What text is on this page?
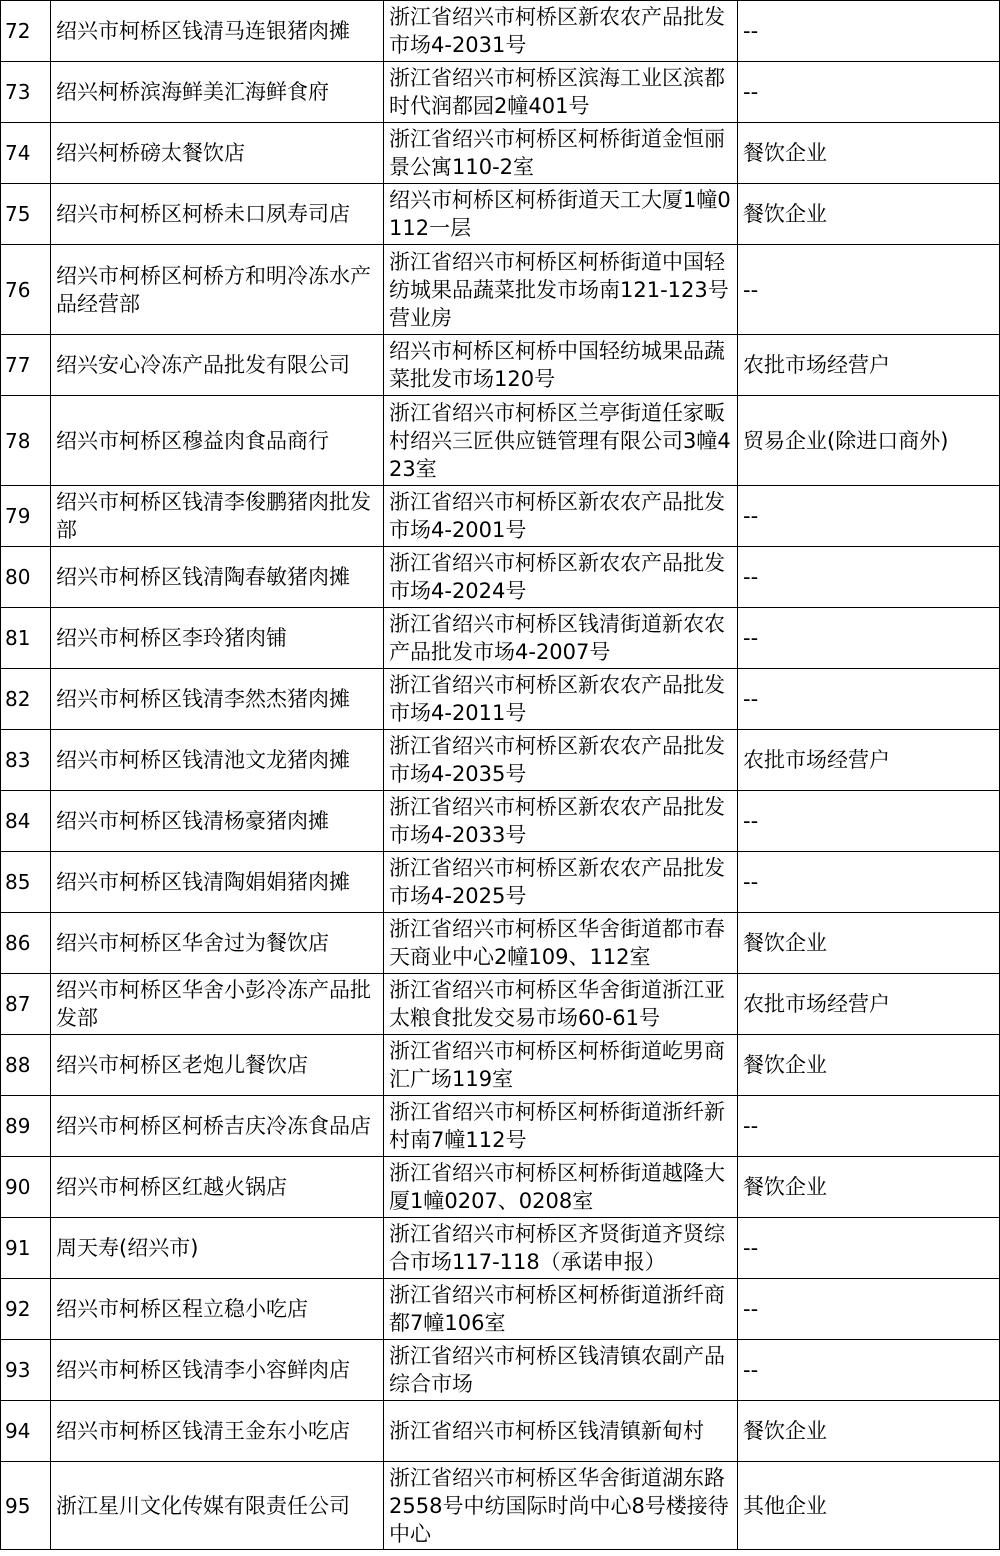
72	绍兴市柯桥区钱清马连银猪肉摊	浙江省绍兴市柯桥区新农农产品批发市场4-2031号	--
73	绍兴柯桥滨海鲜美汇海鲜食府	浙江省绍兴市柯桥区滨海工业区滨都时代润都园2幢401号	--
74	绍兴柯桥磅太餐饮店	浙江省绍兴市柯桥区柯桥街道金恒丽景公寓110-2室	餐饮企业
75	绍兴市柯桥区柯桥未口夙寿司店	绍兴市柯桥区柯桥街道天工大厦1幢0112一层	餐饮企业
76	绍兴市柯桥区柯桥方和明冷冻水产品经营部	浙江省绍兴市柯桥区柯桥街道中国轻纺城果品蔬菜批发市场南121-123号营业房	--
77	绍兴安心冷冻产品批发有限公司	绍兴市柯桥区柯桥中国轻纺城果品蔬菜批发市场120号	农批市场经营户
78	绍兴市柯桥区穆益肉食品商行	浙江省绍兴市柯桥区兰亭街道任家畈村绍兴三匠供应链管理有限公司3幢423室	贸易企业(除进口商外)
79	绍兴市柯桥区钱清李俊鹏猪肉批发部	浙江省绍兴市柯桥区新农农产品批发市场4-2001号	--
80	绍兴市柯桥区钱清陶春敏猪肉摊	浙江省绍兴市柯桥区新农农产品批发市场4-2024号	--
81	绍兴市柯桥区李玲猪肉铺	浙江省绍兴市柯桥区钱清街道新农农产品批发市场4-2007号	--
82	绍兴市柯桥区钱清李然杰猪肉摊	浙江省绍兴市柯桥区新农农产品批发市场4-2011号	--
83	绍兴市柯桥区钱清池文龙猪肉摊	浙江省绍兴市柯桥区新农农产品批发市场4-2035号	农批市场经营户
84	绍兴市柯桥区钱清杨豪猪肉摊	浙江省绍兴市柯桥区新农农产品批发市场4-2033号	--
85	绍兴市柯桥区钱清陶娟娟猪肉摊	浙江省绍兴市柯桥区新农农产品批发市场4-2025号	--
86	绍兴市柯桥区华舍过为餐饮店	浙江省绍兴市柯桥区华舍街道都市春天商业中心2幢109、112室	餐饮企业
87	绍兴市柯桥区华舍小彭冷冻产品批发部	浙江省绍兴市柯桥区华舍街道浙江亚太粮食批发交易市场60-61号	农批市场经营户
88	绍兴市柯桥区老炮儿餐饮店	浙江省绍兴市柯桥区柯桥街道屹男商汇广场119室	餐饮企业
89	绍兴市柯桥区柯桥吉庆冷冻食品店	浙江省绍兴市柯桥区柯桥街道浙纤新村南7幢112号	--
90	绍兴市柯桥区红越火锅店	浙江省绍兴市柯桥区柯桥街道越隆大厦1幢0207、0208室	餐饮企业
91	周天寿(绍兴市)	浙江省绍兴市柯桥区齐贤街道齐贤综合市场117-118（承诺申报）	--
92	绍兴市柯桥区程立稳小吃店	浙江省绍兴市柯桥区柯桥街道浙纤商都7幢106室	--
93	绍兴市柯桥区钱清李小容鲜肉店	浙江省绍兴市柯桥区钱清镇农副产品综合市场	--
94	绍兴市柯桥区钱清王金东小吃店	浙江省绍兴市柯桥区钱清镇新甸村	餐饮企业
95	浙江星川文化传媒有限责任公司	浙江省绍兴市柯桥区华舍街道湖东路2558号中纺国际时尚中心8号楼接待中心	其他企业
